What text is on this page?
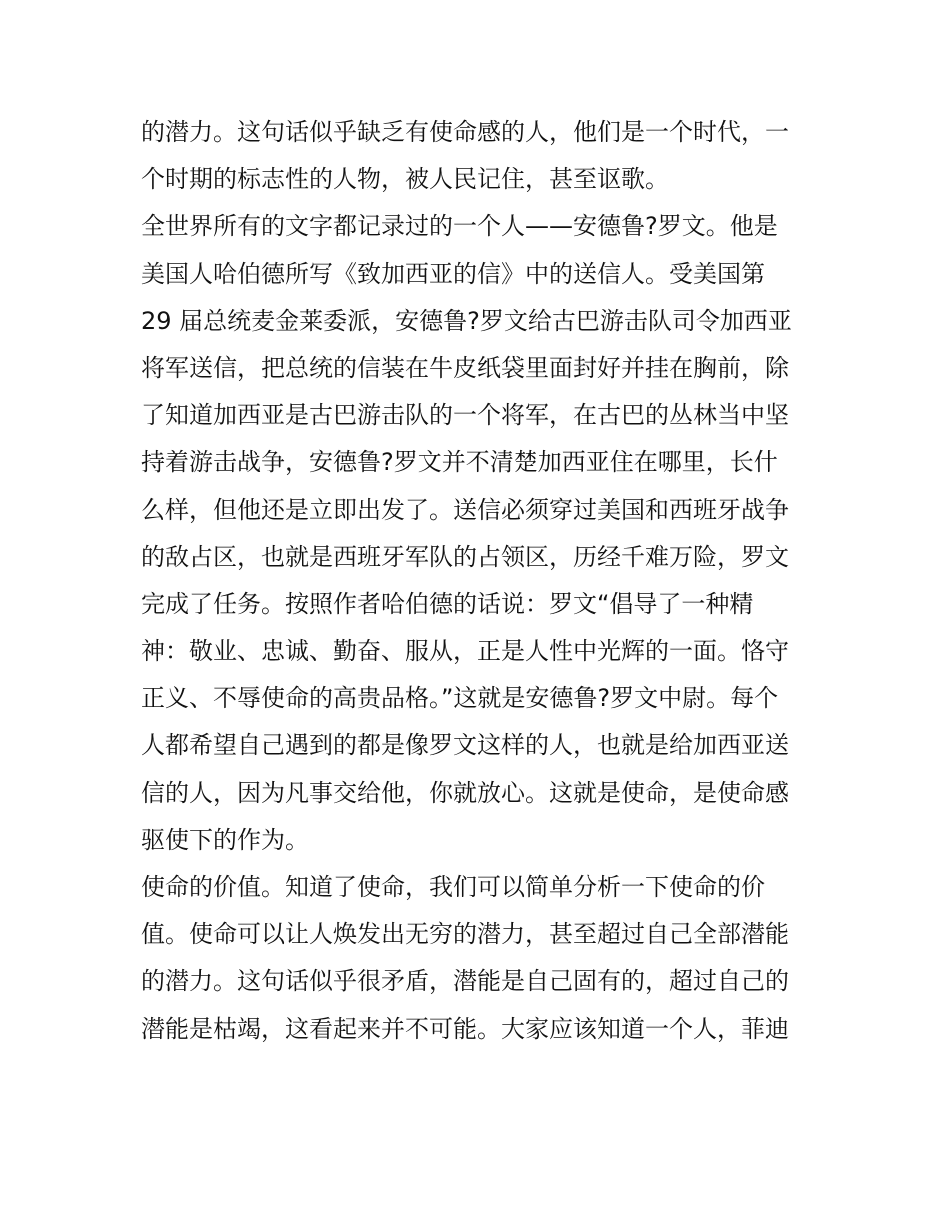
的潜力。这句话似乎缺乏有使命感的人，他们是一个时代，一
个时期的标志性的人物，被人民记住，甚至讴歌。
全世界所有的文字都记录过的一个人——安德鲁?罗文。他是
美国人哈伯德所写《致加西亚的信》中的送信人。受美国第
29 届总统麦金莱委派，安德鲁?罗文给古巴游击队司令加西亚
将军送信，把总统的信装在牛皮纸袋里面封好并挂在胸前，除
了知道加西亚是古巴游击队的一个将军，在古巴的丛林当中坚
持着游击战争，安德鲁?罗文并不清楚加西亚住在哪里，长什
么样，但他还是立即出发了。送信必须穿过美国和西班牙战争
的敌占区，也就是西班牙军队的占领区，历经千难万险，罗文
完成了任务。按照作者哈伯德的话说：罗文“倡导了一种精
神：敬业、忠诚、勤奋、服从，正是人性中光辉的一面。恪守
正义、不辱使命的高贵品格。”这就是安德鲁?罗文中尉。每个
人都希望自己遇到的都是像罗文这样的人，也就是给加西亚送
信的人，因为凡事交给他，你就放心。这就是使命，是使命感
驱使下的作为。
使命的价值。知道了使命，我们可以简单分析一下使命的价
值。使命可以让人焕发出无穷的潜力，甚至超过自己全部潜能
的潜力。这句话似乎很矛盾，潜能是自己固有的，超过自己的
潜能是枯竭，这看起来并不可能。大家应该知道一个人，菲迪
